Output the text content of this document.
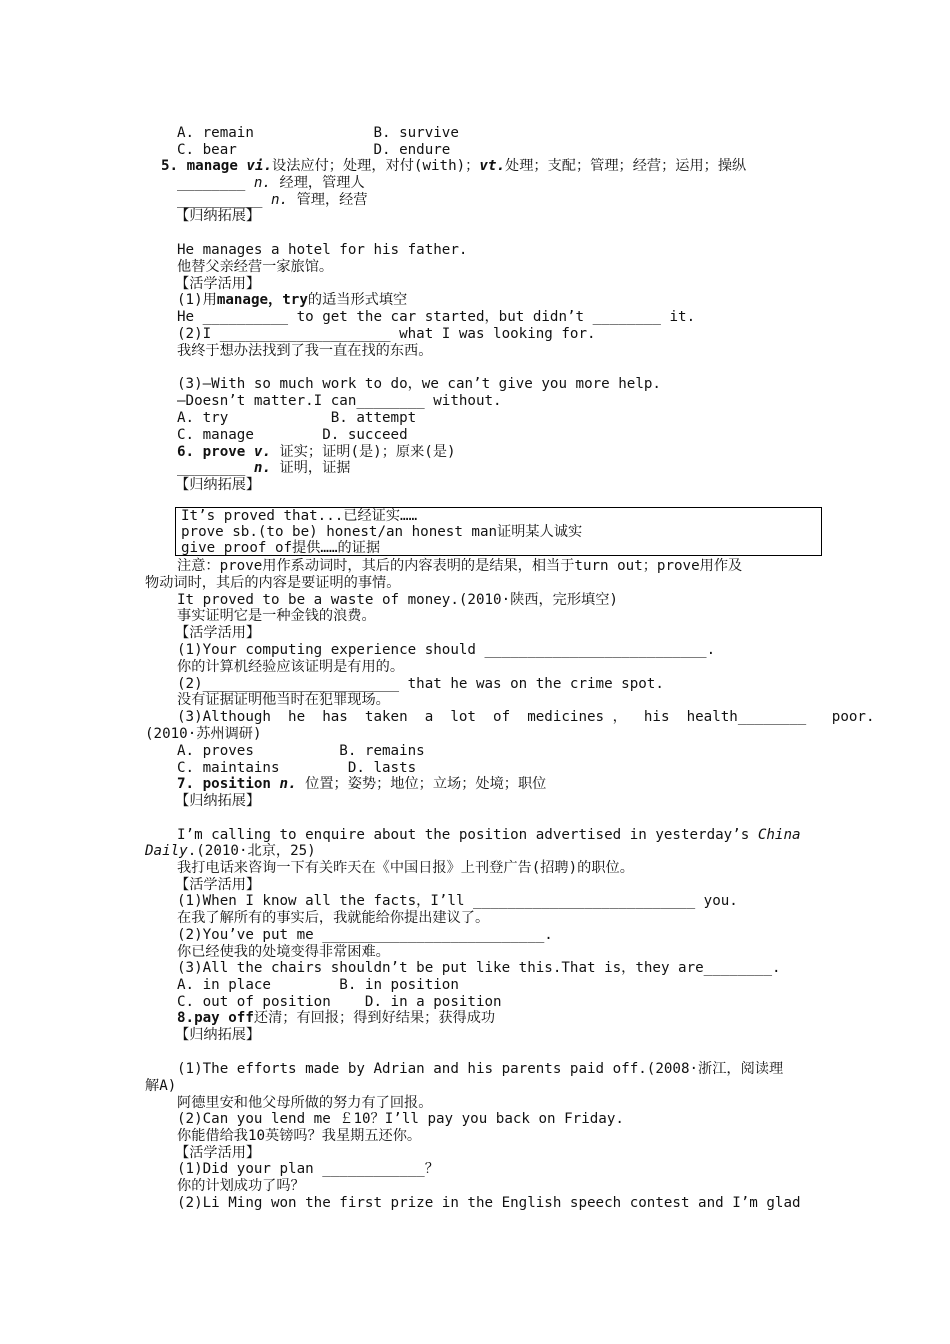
A. remain              B. survive
C. bear                D. endure
5. manage vi.设法应付；处理，对付(with)；vt.处理；支配；管理；经营；运用；操纵
________ n. 经理，管理人
__________ n. 管理，经营
【归纳拓展】
He manages a hotel for his father.
他替父亲经营一家旅馆。
【活学活用】
(1)用manage，try的适当形式填空
He __________ to get the car started，but didn’t ________ it.
(2)I ____________________ what I was looking for.
我终于想办法找到了我一直在找的东西。
(3)—With so much work to do，we can’t give you more help.
—Doesn’t matter.I can________ without.
A. try            B. attempt
C. manage        D. succeed
6. prove v. 证实；证明(是)；原来(是)
________ n. 证明，证据
【归纳拓展】
It’s proved that...已经证实……
prove sb.(to be) honest/an honest man证明某人诚实
give proof of提供……的证据
注意：prove用作系动词时，其后的内容表明的是结果，相当于turn out；prove用作及
物动词时，其后的内容是要证明的事情。
It proved to be a waste of money.(2010·陕西，完形填空)
事实证明它是一种金钱的浪费。
【活学活用】
(1)Your computing experience should __________________________.
你的计算机经验应该证明是有用的。
(2)_______________________ that he was on the crime spot.
没有证据证明他当时在犯罪现场。
(3)Although  he  has  taken  a  lot  of  medicines ，  his  health________   poor.
(2010·苏州调研)
A. proves          B. remains
C. maintains        D. lasts
7. position n. 位置；姿势；地位；立场；处境；职位
【归纳拓展】
I’m calling to enquire about the position advertised in yesterday’s China
Daily.(2010·北京，25)
我打电话来咨询一下有关昨天在《中国日报》上刊登广告(招聘)的职位。
【活学活用】
(1)When I know all the facts，I’ll __________________________ you.
在我了解所有的事实后，我就能给你提出建议了。
(2)You’ve put me __________________________.
你已经使我的处境变得非常困难。
(3)All the chairs shouldn’t be put like this.That is，they are________.
A. in place        B. in position
C. out of position    D. in a position
8.pay off还清；有回报；得到好结果；获得成功
【归纳拓展】
(1)The efforts made by Adrian and his parents paid off.(2008·浙江，阅读理
解A)
阿德里安和他父母所做的努力有了回报。
(2)Can you lend me ￡10？I’ll pay you back on Friday.
你能借给我10英镑吗？我星期五还你。
【活学活用】
(1)Did your plan ____________？
你的计划成功了吗？
(2)Li Ming won the first prize in the English speech contest and I’m glad
